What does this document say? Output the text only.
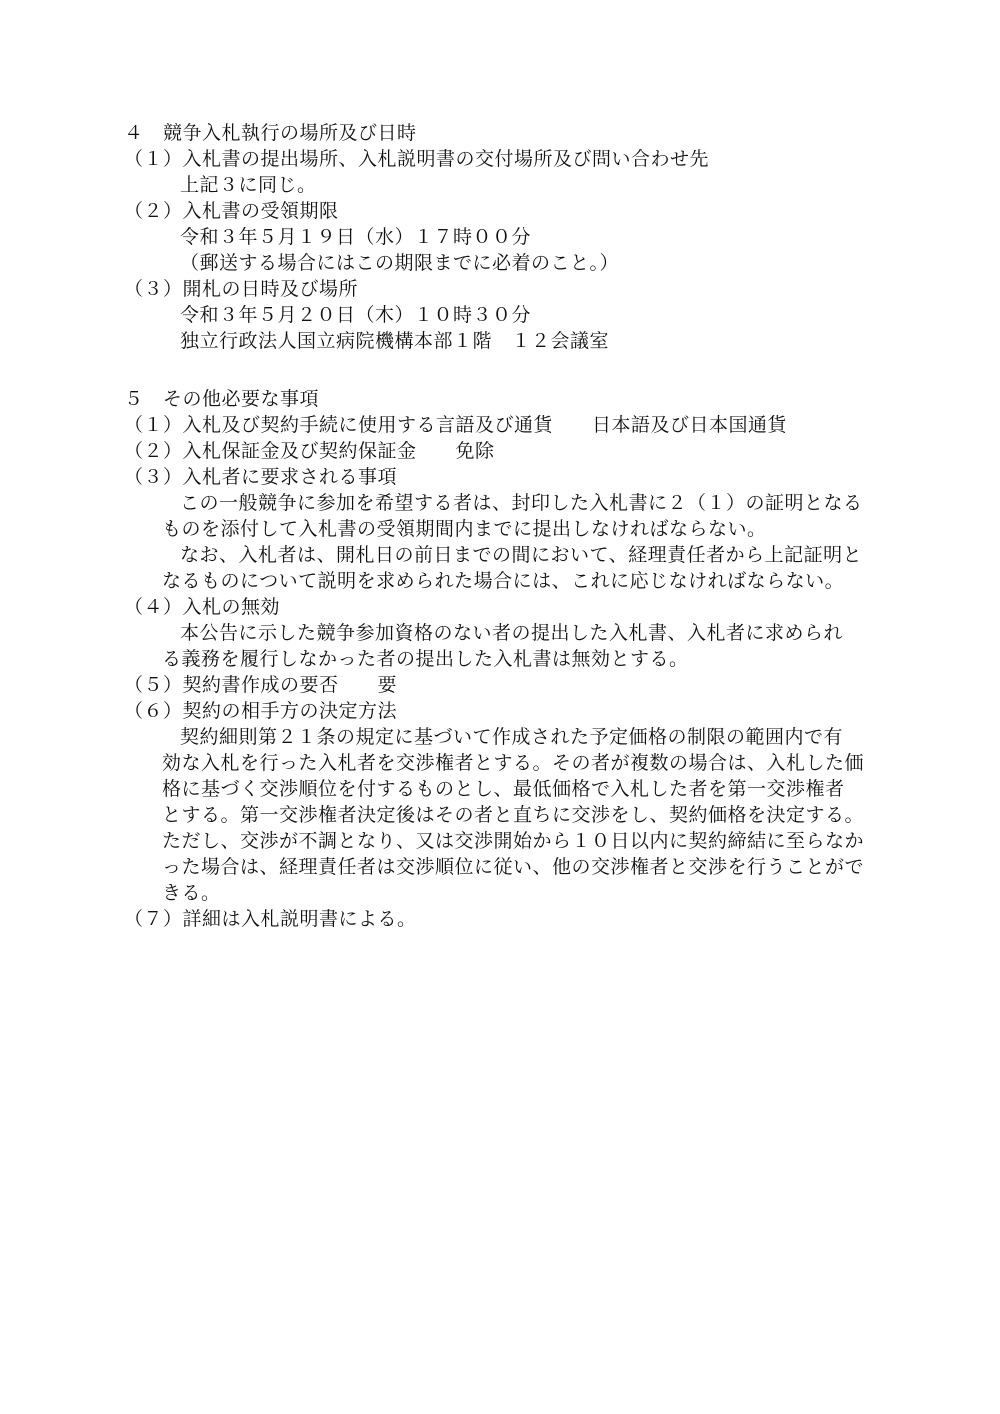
４　競争入札執行の場所及び日時
（１）入札書の提出場所、入札説明書の交付場所及び問い合わせ先
上記３に同じ。
（２）入札書の受領期限
令和３年５月１９日（水）１７時００分
（郵送する場合にはこの期限までに必着のこと。）
（３）開札の日時及び場所
令和３年５月２０日（木）１０時３０分
独立行政法人国立病院機構本部１階　１２会議室
５　その他必要な事項
（１）入札及び契約手続に使用する言語及び通貨　　日本語及び日本国通貨
（２）入札保証金及び契約保証金　　免除
（３）入札者に要求される事項
この一般競争に参加を希望する者は、封印した入札書に２（１）の証明となる
ものを添付して入札書の受領期間内までに提出しなければならない。
なお、入札者は、開札日の前日までの間において、経理責任者から上記証明と
なるものについて説明を求められた場合には、これに応じなければならない。
（４）入札の無効
本公告に示した競争参加資格のない者の提出した入札書、入札者に求められ
る義務を履行しなかった者の提出した入札書は無効とする。
（５）契約書作成の要否　　要
（６）契約の相手方の決定方法
契約細則第２１条の規定に基づいて作成された予定価格の制限の範囲内で有
効な入札を行った入札者を交渉権者とする。その者が複数の場合は、入札した価
格に基づく交渉順位を付するものとし、最低価格で入札した者を第一交渉権者
とする。第一交渉権者決定後はその者と直ちに交渉をし、契約価格を決定する。
ただし、交渉が不調となり、又は交渉開始から１０日以内に契約締結に至らなか
った場合は、経理責任者は交渉順位に従い、他の交渉権者と交渉を行うことがで
きる。
（７）詳細は入札説明書による。
